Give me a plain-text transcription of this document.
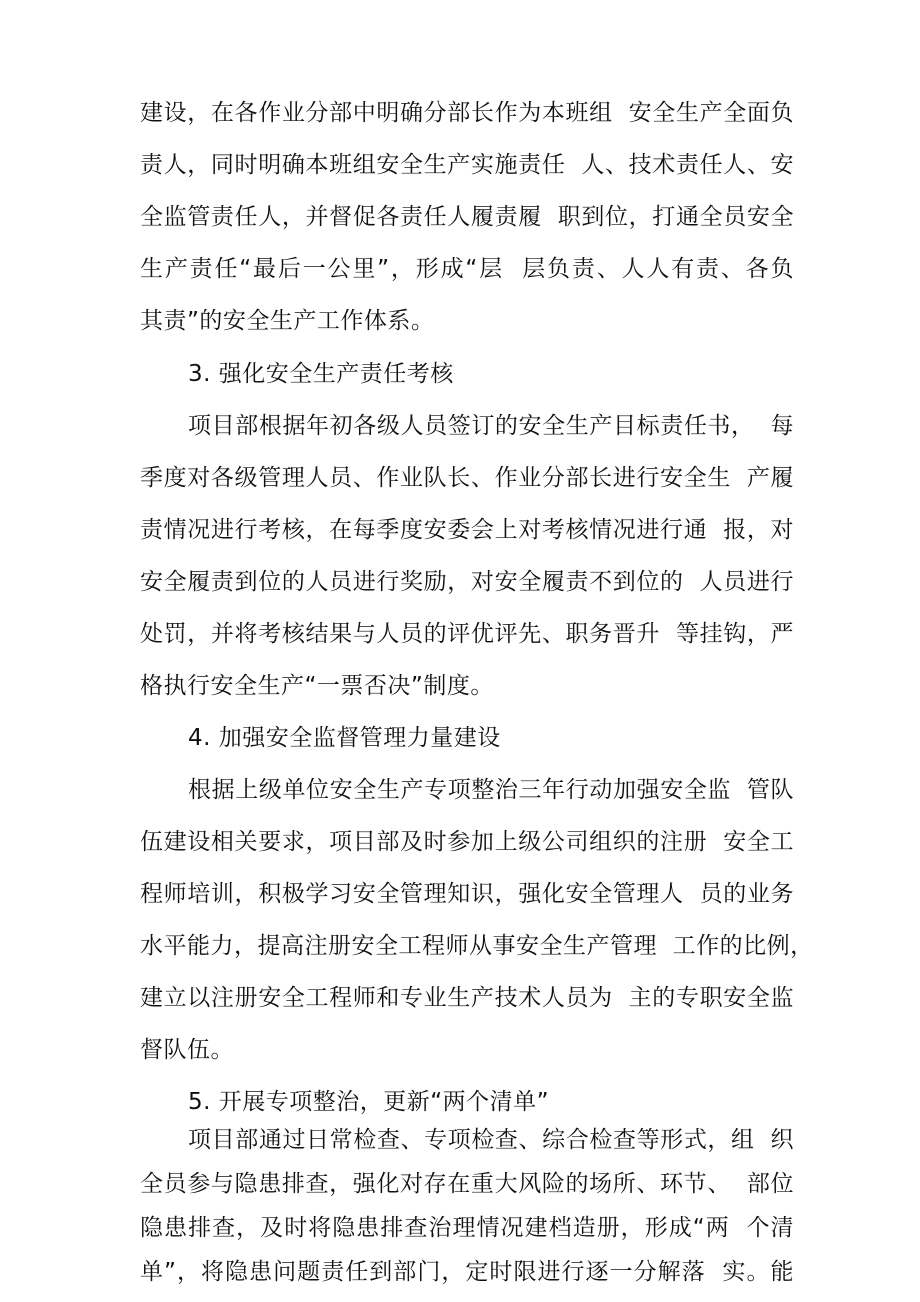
建设，在各作业分部中明确分部长作为本班组  安全生产全面负
责人，同时明确本班组安全生产实施责任  人、技术责任人、安
全监管责任人，并督促各责任人履责履  职到位，打通全员安全
生产责任“最后一公里”，形成“层  层负责、人人有责、各负
其责”的安全生产工作体系。
3. 强化安全生产责任考核
项目部根据年初各级人员签订的安全生产目标责任书，  每
季度对各级管理人员、作业队长、作业分部长进行安全生  产履
责情况进行考核，在每季度安委会上对考核情况进行通  报，对
安全履责到位的人员进行奖励，对安全履责不到位的  人员进行
处罚，并将考核结果与人员的评优评先、职务晋升  等挂钩，严
格执行安全生产“一票否决”制度。
4. 加强安全监督管理力量建设
根据上级单位安全生产专项整治三年行动加强安全监  管队
伍建设相关要求，项目部及时参加上级公司组织的注册  安全工
程师培训，积极学习安全管理知识，强化安全管理人  员的业务
水平能力，提高注册安全工程师从事安全生产管理  工作的比例，
建立以注册安全工程师和专业生产技术人员为  主的专职安全监
督队伍。
5. 开展专项整治，更新“两个清单”
项目部通过日常检查、专项检查、综合检查等形式，组  织
全员参与隐患排查，强化对存在重大风险的场所、环节、  部位
隐患排查，及时将隐患排查治理情况建档造册，形成“两  个清
单”，将隐患问题责任到部门，定时限进行逐一分解落  实。能
